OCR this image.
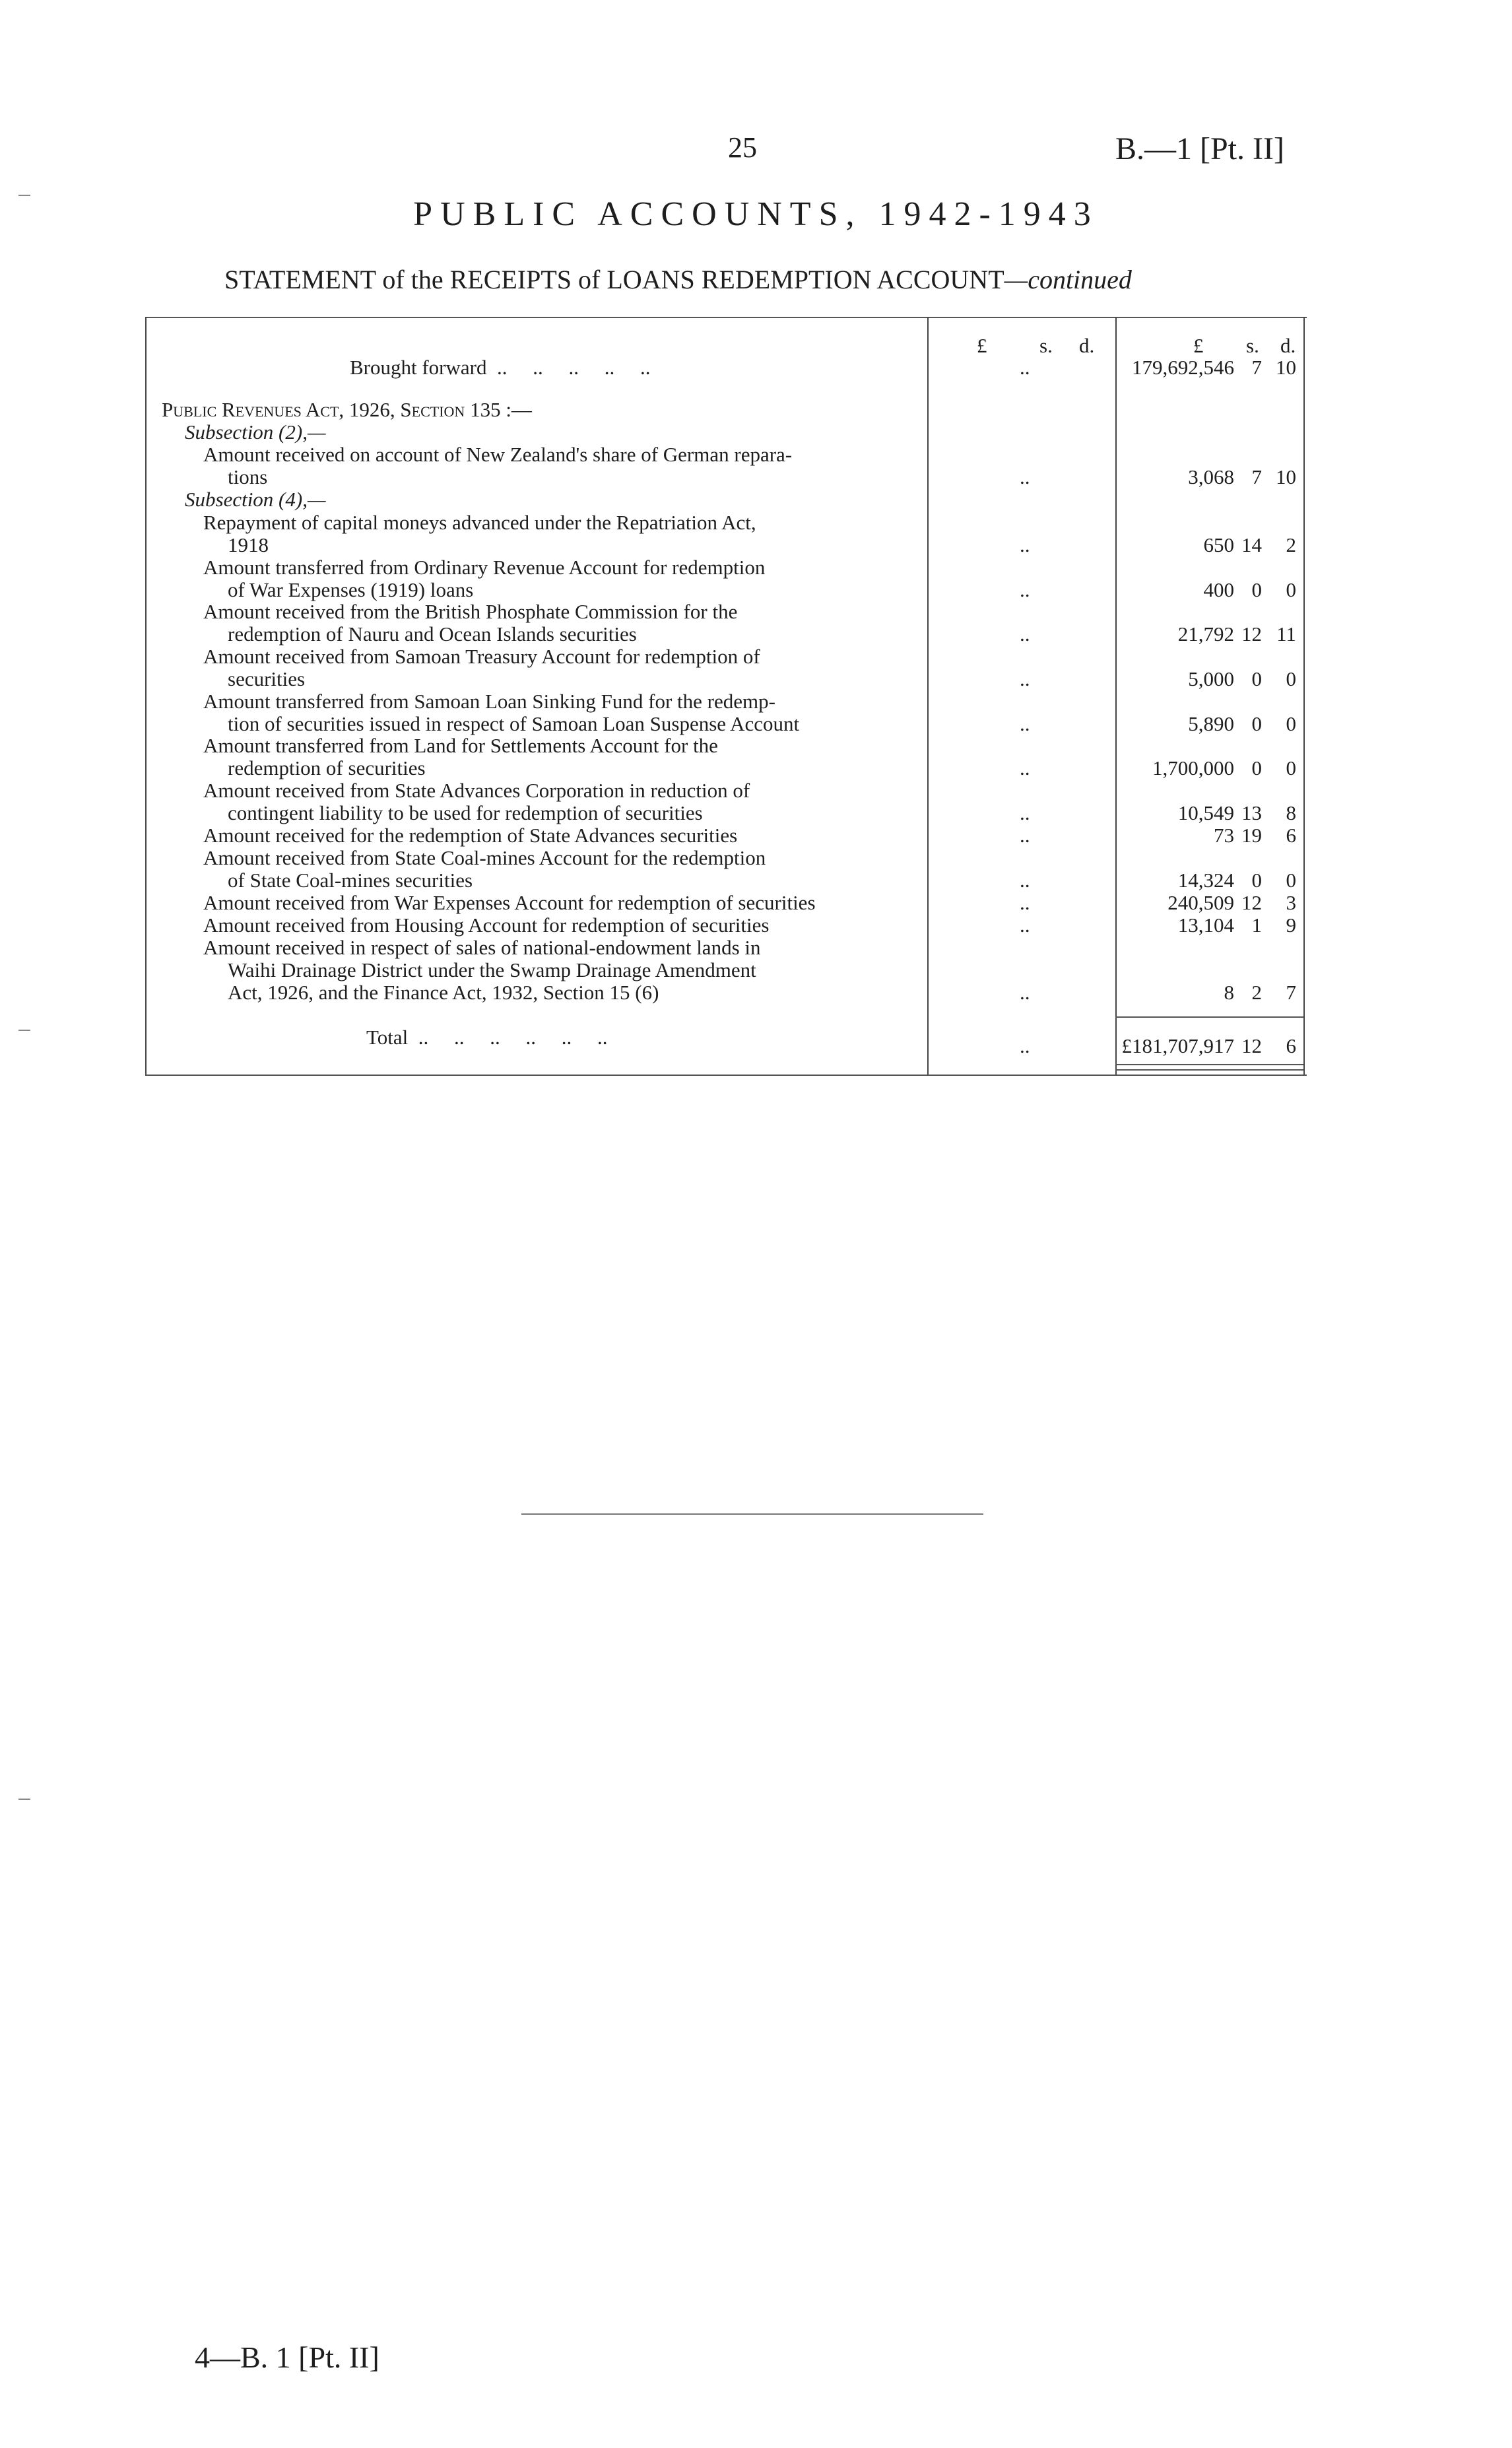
25	B.—1 [Pt. II]
PUBLIC ACCOUNTS, 1942-1943
STATEMENT of the RECEIPTS of LOANS REDEMPTION ACCOUNT—continued
£	s. d.	£ s. d.
Brought forward  ..     ..     ..     ..     ..	..	179,692,546 7 10
Public Revenues Act, 1926, Section 135 :—
Subsection (2),—
Subsection (4),—
Amount received on account of New Zealand's share of German repara-
tions	..	3,068 7 10
Repayment of capital moneys advanced under the Repatriation Act,
1918	..	650 14	2
Amount transferred from Ordinary Revenue Account for redemption
of War Expenses (1919) loans	..	400 0	0
Amount received from the British Phosphate Commission for the
redemption of Nauru and Ocean Islands securities	..	21,792 12 11
Amount received from Samoan Treasury Account for redemption of
securities	..	5,000 0	0
Amount transferred from Samoan Loan Sinking Fund for the redemp-
tion of securities issued in respect of Samoan Loan Suspense Account	..	5,890 0	0
Amount transferred from Land for Settlements Account for the
redemption of securities	..	1,700,000 0	0
Amount received from State Advances Corporation in reduction of
contingent liability to be used for redemption of securities	..	10,549 13	8
Amount received for the redemption of State Advances securities	..	73 19	6
Amount received from State Coal-mines Account for the redemption
of State Coal-mines securities	..	14,324 0	0
Amount received from War Expenses Account for redemption of securities	..	240,509 12	3
Amount received from Housing Account for redemption of securities	..	13,104 1	9
Amount received in respect of sales of national-endowment lands in
Waihi Drainage District under the Swamp Drainage Amendment
Act, 1926, and the Finance Act, 1932, Section 15 (6)	..	8 2	7
Total  ..     ..     ..     ..     ..     ..	..	£181,707,917 12	6
4—B. 1 [Pt. II]
